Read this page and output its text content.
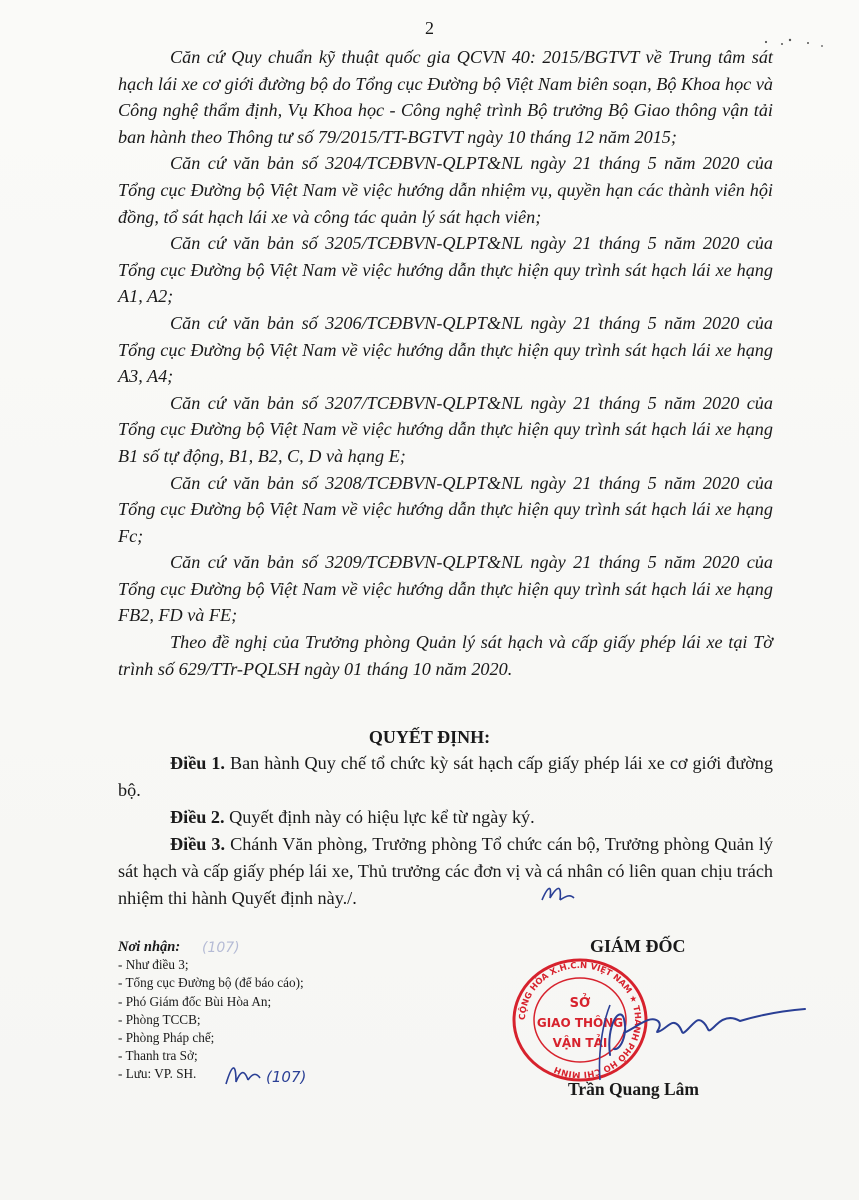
2

Căn cứ Quy chuẩn kỹ thuật quốc gia QCVN 40: 2015/BGTVT về Trung tâm sát hạch lái xe cơ giới đường bộ do Tổng cục Đường bộ Việt Nam biên soạn, Bộ Khoa học và Công nghệ thẩm định, Vụ Khoa học - Công nghệ trình Bộ trưởng Bộ Giao thông vận tải ban hành theo Thông tư số 79/2015/TT-BGTVT ngày 10 tháng 12 năm 2015;

Căn cứ văn bản số 3204/TCĐBVN-QLPT&NL ngày 21 tháng 5 năm 2020 của Tổng cục Đường bộ Việt Nam về việc hướng dẫn nhiệm vụ, quyền hạn các thành viên hội đồng, tổ sát hạch lái xe và công tác quản lý sát hạch viên;

Căn cứ văn bản số 3205/TCĐBVN-QLPT&NL ngày 21 tháng 5 năm 2020 của Tổng cục Đường bộ Việt Nam về việc hướng dẫn thực hiện quy trình sát hạch lái xe hạng A1, A2;

Căn cứ văn bản số 3206/TCĐBVN-QLPT&NL ngày 21 tháng 5 năm 2020 của Tổng cục Đường bộ Việt Nam về việc hướng dẫn thực hiện quy trình sát hạch lái xe hạng A3, A4;

Căn cứ văn bản số 3207/TCĐBVN-QLPT&NL ngày 21 tháng 5 năm 2020 của Tổng cục Đường bộ Việt Nam về việc hướng dẫn thực hiện quy trình sát hạch lái xe hạng B1 số tự động, B1, B2, C, D và hạng E;

Căn cứ văn bản số 3208/TCĐBVN-QLPT&NL ngày 21 tháng 5 năm 2020 của Tổng cục Đường bộ Việt Nam về việc hướng dẫn thực hiện quy trình sát hạch lái xe hạng Fc;

Căn cứ văn bản số 3209/TCĐBVN-QLPT&NL ngày 21 tháng 5 năm 2020 của Tổng cục Đường bộ Việt Nam về việc hướng dẫn thực hiện quy trình sát hạch lái xe hạng FB2, FD và FE;

Theo đề nghị của Trưởng phòng Quản lý sát hạch và cấp giấy phép lái xe tại Tờ trình số 629/TTr-PQLSH ngày 01 tháng 10 năm 2020.

QUYẾT ĐỊNH:

Điều 1. Ban hành Quy chế tổ chức kỳ sát hạch cấp giấy phép lái xe cơ giới đường bộ.

Điều 2. Quyết định này có hiệu lực kể từ ngày ký.

Điều 3. Chánh Văn phòng, Trưởng phòng Tổ chức cán bộ, Trưởng phòng Quản lý sát hạch và cấp giấy phép lái xe, Thủ trưởng các đơn vị và cá nhân có liên quan chịu trách nhiệm thi hành Quyết định này./.

Nơi nhận:
- Như điều 3;
- Tổng cục Đường bộ (để báo cáo);
- Phó Giám đốc Bùi Hòa An;
- Phòng TCCB;
- Phòng Pháp chế;
- Thanh tra Sở;
- Lưu: VP. SH.
(107)
(107)
GIÁM ĐỐC
CỘNG HÒA X.H.C.N VIỆT NAM ★ THÀNH PHỐ HỒ CHÍ MINH
SỞ
GIAO THÔNG
VẬN TẢI
Trần Quang Lâm
